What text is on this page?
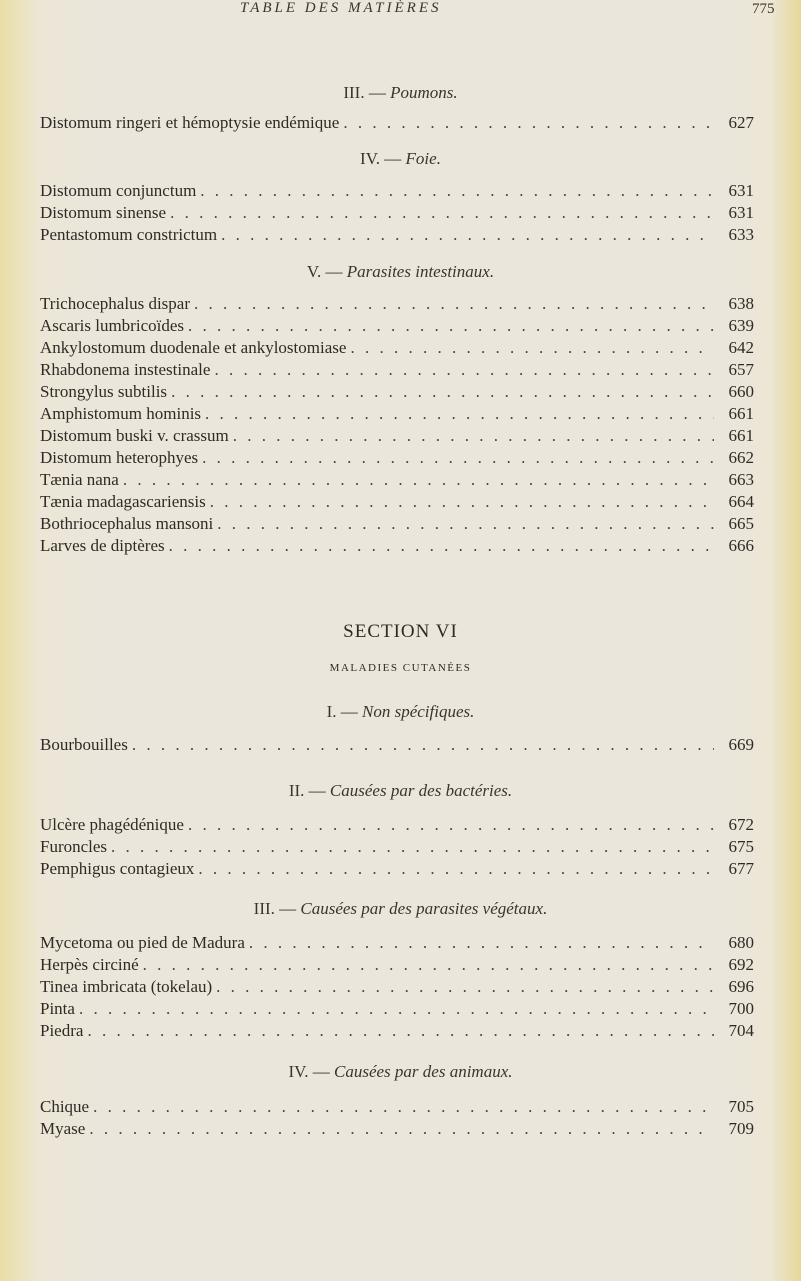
TABLE DES MATIÈRES	775
III. — Poumons.
Distomum ringeri et hémoptysie endémique . . .	627
IV. — Foie.
Distomum conjunctum . . .	631
Distomum sinense . . .	631
Pentastomum constrictum . . .	633
V. — Parasites intestinaux.
Trichocephalus dispar . . .	638
Ascaris lumbricoïdes . . .	639
Ankylostomum duodenale et ankylostomiase . . .	642
Rhabdonema instestinale . . .	657
Strongylus subtilis . . .	660
Amphistomum hominis . . .	661
Distomum buski v. crassum . . .	661
Distomum heterophyes . . .	662
Tænia nana . . .	663
Tænia madagascariensis . . .	664
Bothriocephalus mansoni . . .	665
Larves de diptères . . .	666
SECTION VI
MALADIES CUTANÉES
I. — Non spécifiques.
Bourbouilles . . .	669
II. — Causées par des bactéries.
Ulcère phagédénique . . .	672
Furoncles . . .	675
Pemphigus contagieux . . .	677
III. — Causées par des parasites végétaux.
Mycetoma ou pied de Madura . . .	680
Herpès circiné . . .	692
Tinea imbricata (tokelau) . . .	696
Pinta . . .	700
Piedra . . .	704
IV. — Causées par des animaux.
Chique . . .	705
Myase . . .	709
